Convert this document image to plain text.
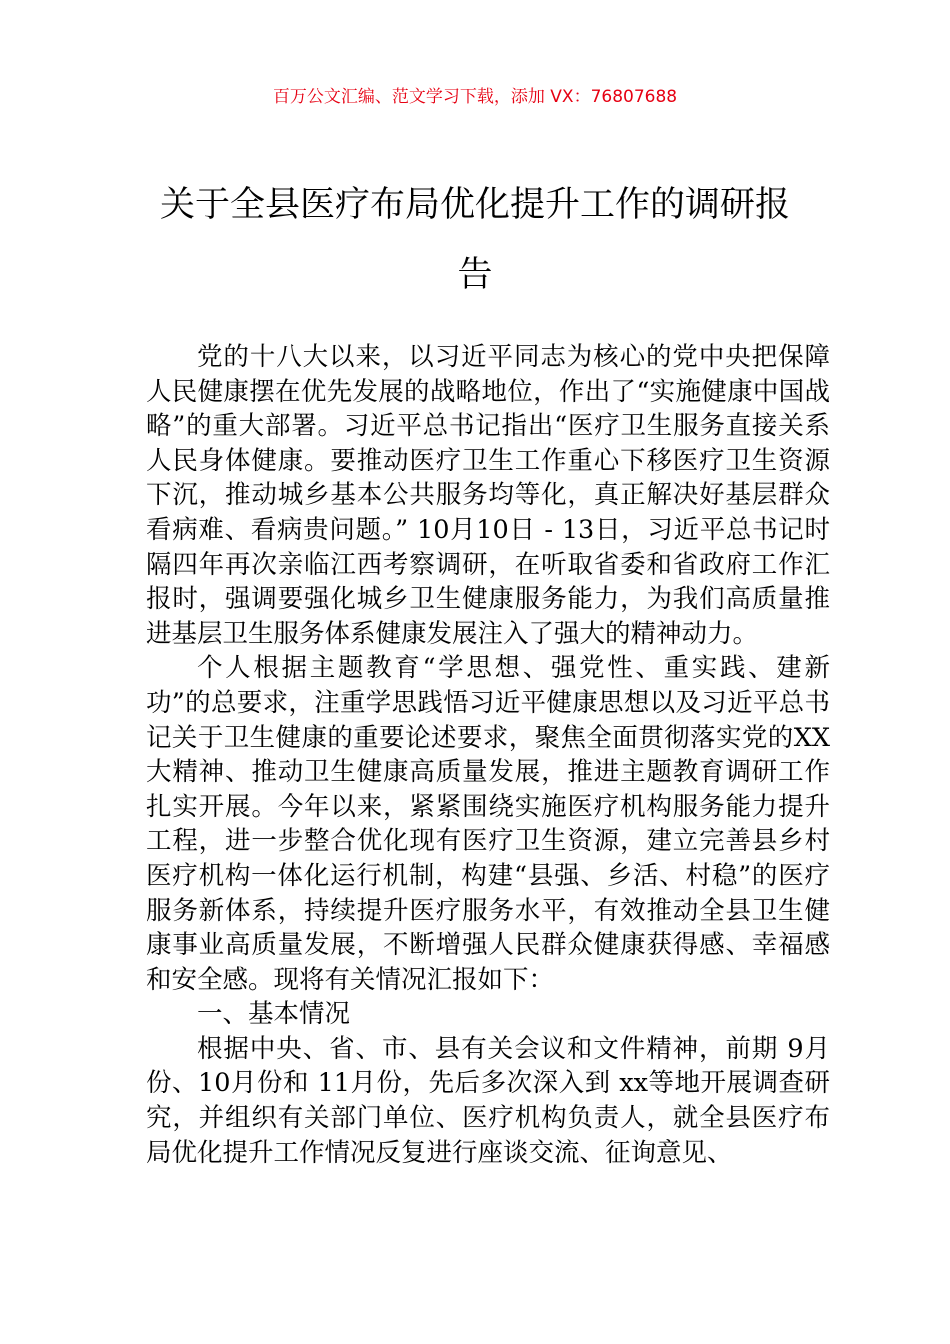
百万公文汇编、范文学习下载，添加 VX：76807688
关于全县医疗布局优化提升工作的调研报告

党的十八大以来，以习近平同志为核心的党中央把保障人民健康摆在优先发展的战略地位，作出了“实施健康中国战略”的重大部署。习近平总书记指出“医疗卫生服务直接关系人民身体健康。要推动医疗卫生工作重心下移医疗卫生资源下沉，推动城乡基本公共服务均等化，真正解决好基层群众看病难、看病贵问题。” 10月10日 - 13日，习近平总书记时隔四年再次亲临江西考察调研，在听取省委和省政府工作汇报时，强调要强化城乡卫生健康服务能力，为我们高质量推进基层卫生服务体系健康发展注入了强大的精神动力。

个人根据主题教育“学思想、强党性、重实践、建新功”的总要求，注重学思践悟习近平健康思想以及习近平总书记关于卫生健康的重要论述要求，聚焦全面贯彻落实党的XX大精神、推动卫生健康高质量发展，推进主题教育调研工作扎实开展。今年以来，紧紧围绕实施医疗机构服务能力提升工程，进一步整合优化现有医疗卫生资源，建立完善县乡村医疗机构一体化运行机制，构建“县强、乡活、村稳”的医疗服务新体系，持续提升医疗服务水平，有效推动全县卫生健康事业高质量发展，不断增强人民群众健康获得感、幸福感和安全感。现将有关情况汇报如下：

一、基本情况

根据中央、省、市、县有关会议和文件精神，前期 9月份、10月份和 11月份，先后多次深入到 xx等地开展调查研究，并组织有关部门单位、医疗机构负责人，就全县医疗布局优化提升工作情况反复进行座谈交流、征询意见、
